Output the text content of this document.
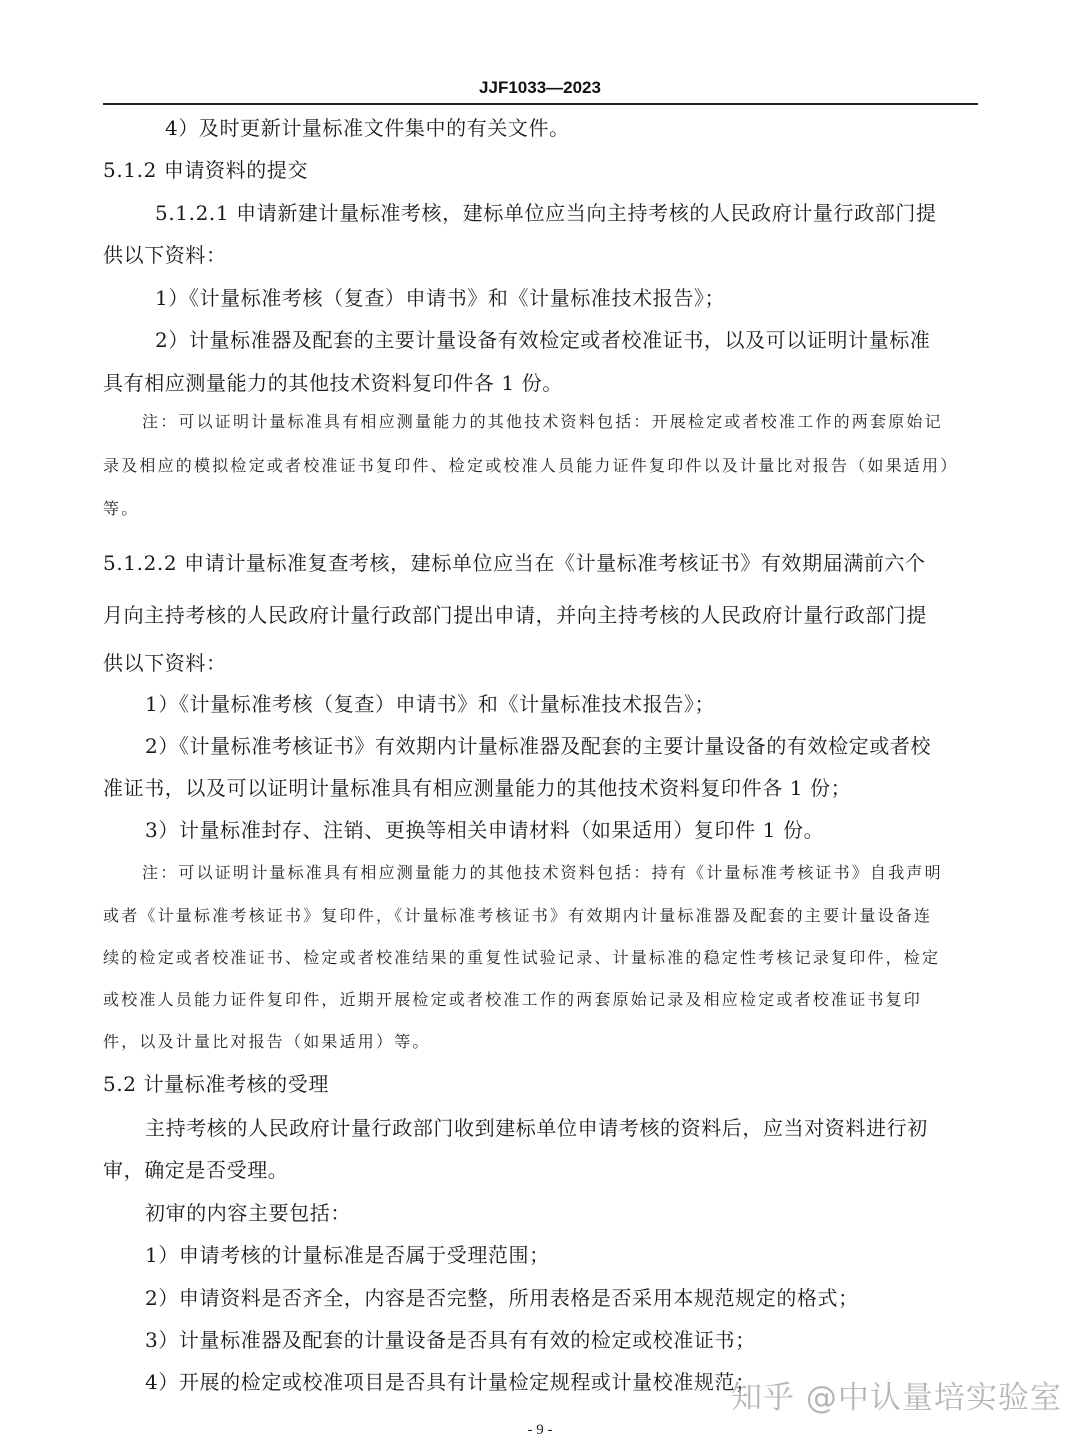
JJF1033—2023
4）及时更新计量标准文件集中的有关文件。
5.1.2 申请资料的提交
5.1.2.1 申请新建计量标准考核，建标单位应当向主持考核的人民政府计量行政部门提
供以下资料：
1）《计量标准考核（复查）申请书》和《计量标准技术报告》；
2）计量标准器及配套的主要计量设备有效检定或者校准证书，以及可以证明计量标准
具有相应测量能力的其他技术资料复印件各 1 份。
注：可以证明计量标准具有相应测量能力的其他技术资料包括：开展检定或者校准工作的两套原始记
录及相应的模拟检定或者校准证书复印件、检定或校准人员能力证件复印件以及计量比对报告（如果适用）
等。
5.1.2.2 申请计量标准复查考核，建标单位应当在《计量标准考核证书》有效期届满前六个
月向主持考核的人民政府计量行政部门提出申请，并向主持考核的人民政府计量行政部门提
供以下资料：
1）《计量标准考核（复查）申请书》和《计量标准技术报告》；
2）《计量标准考核证书》有效期内计量标准器及配套的主要计量设备的有效检定或者校
准证书，以及可以证明计量标准具有相应测量能力的其他技术资料复印件各 1 份；
3）计量标准封存、注销、更换等相关申请材料（如果适用）复印件 1 份。
注：可以证明计量标准具有相应测量能力的其他技术资料包括：持有《计量标准考核证书》自我声明
或者《计量标准考核证书》复印件，《计量标准考核证书》有效期内计量标准器及配套的主要计量设备连
续的检定或者校准证书、检定或者校准结果的重复性试验记录、计量标准的稳定性考核记录复印件，检定
或校准人员能力证件复印件，近期开展检定或者校准工作的两套原始记录及相应检定或者校准证书复印
件，以及计量比对报告（如果适用）等。
5.2 计量标准考核的受理
主持考核的人民政府计量行政部门收到建标单位申请考核的资料后，应当对资料进行初
审，确定是否受理。
初审的内容主要包括：
1）申请考核的计量标准是否属于受理范围；
2）申请资料是否齐全，内容是否完整，所用表格是否采用本规范规定的格式；
3）计量标准器及配套的计量设备是否具有有效的检定或校准证书；
4）开展的检定或校准项目是否具有计量检定规程或计量校准规范；
知乎 @中认量培实验室
- 9 -
